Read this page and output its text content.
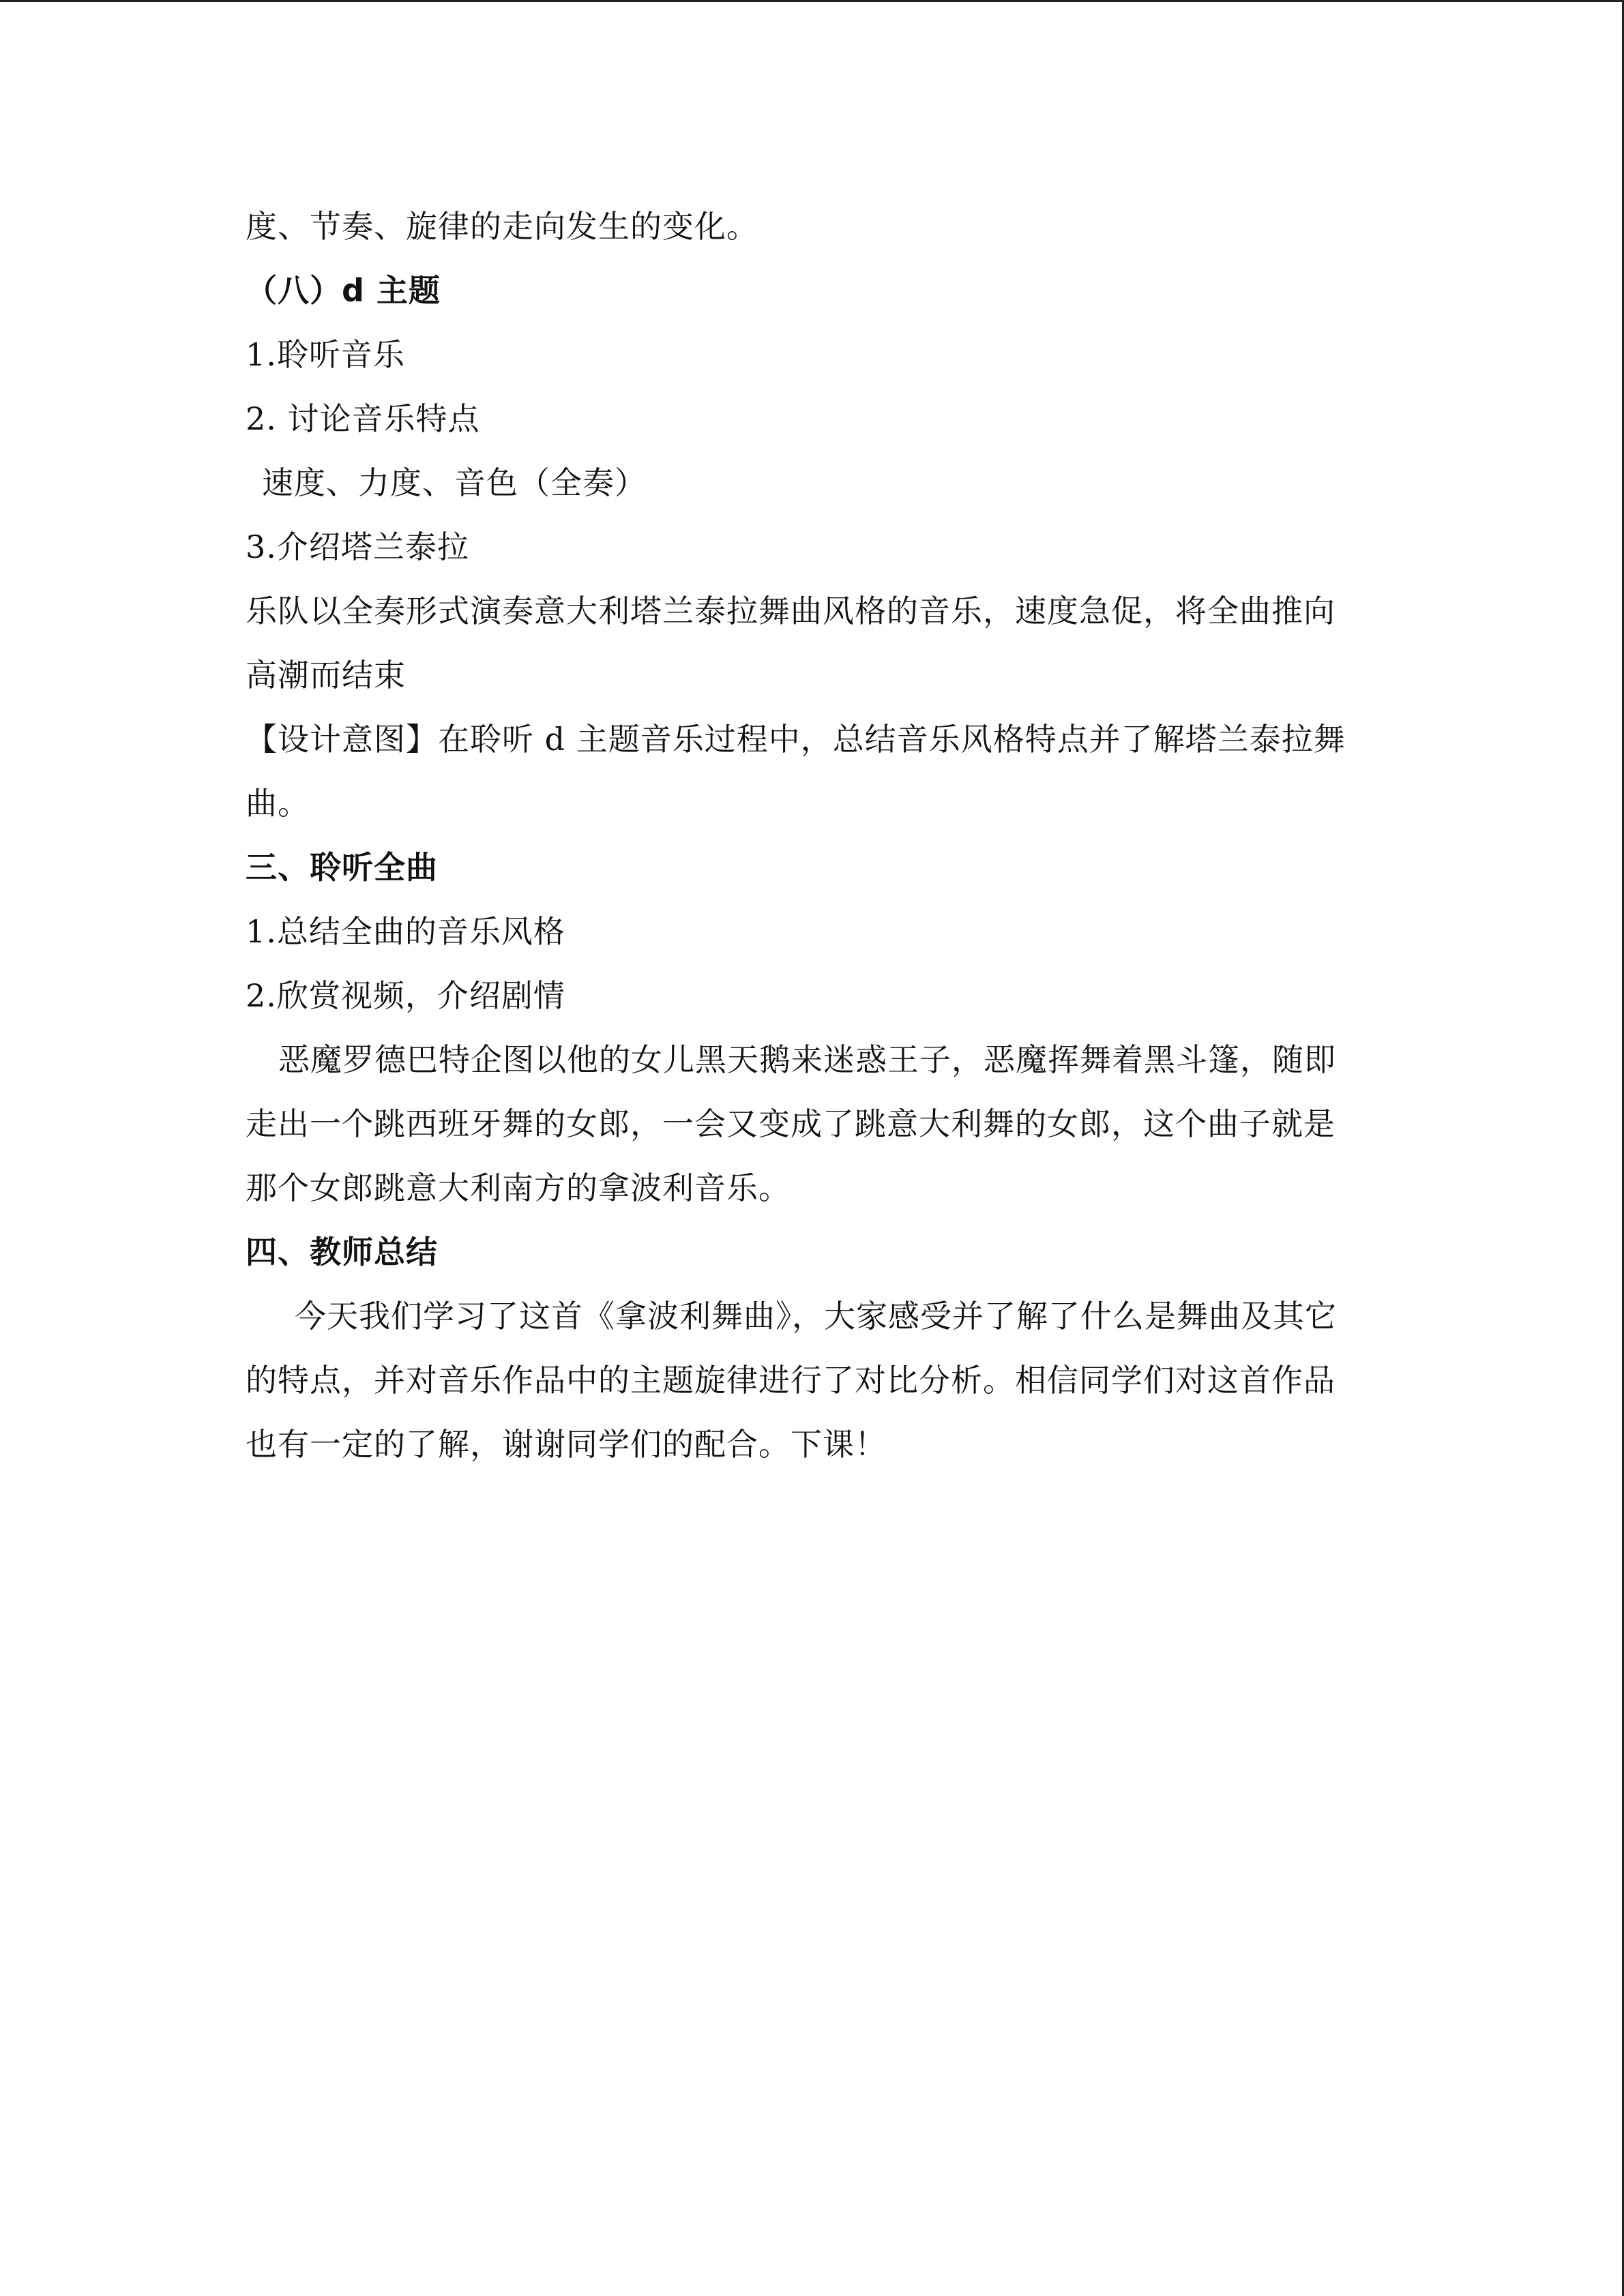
度、节奏、旋律的走向发生的变化。
（八）d 主题
1.聆听音乐
2. 讨论音乐特点
速度、力度、音色（全奏）
3.介绍塔兰泰拉
乐队以全奏形式演奏意大利塔兰泰拉舞曲风格的音乐，速度急促，将全曲推向
高潮而结束
【设计意图】在聆听 d 主题音乐过程中，总结音乐风格特点并了解塔兰泰拉舞
曲。
三、聆听全曲
1.总结全曲的音乐风格
2.欣赏视频，介绍剧情
恶魔罗德巴特企图以他的女儿黑天鹅来迷惑王子，恶魔挥舞着黑斗篷，随即
走出一个跳西班牙舞的女郎，一会又变成了跳意大利舞的女郎，这个曲子就是
那个女郎跳意大利南方的拿波利音乐。
四、教师总结
今天我们学习了这首《拿波利舞曲》，大家感受并了解了什么是舞曲及其它
的特点，并对音乐作品中的主题旋律进行了对比分析。相信同学们对这首作品
也有一定的了解，谢谢同学们的配合。下课！
